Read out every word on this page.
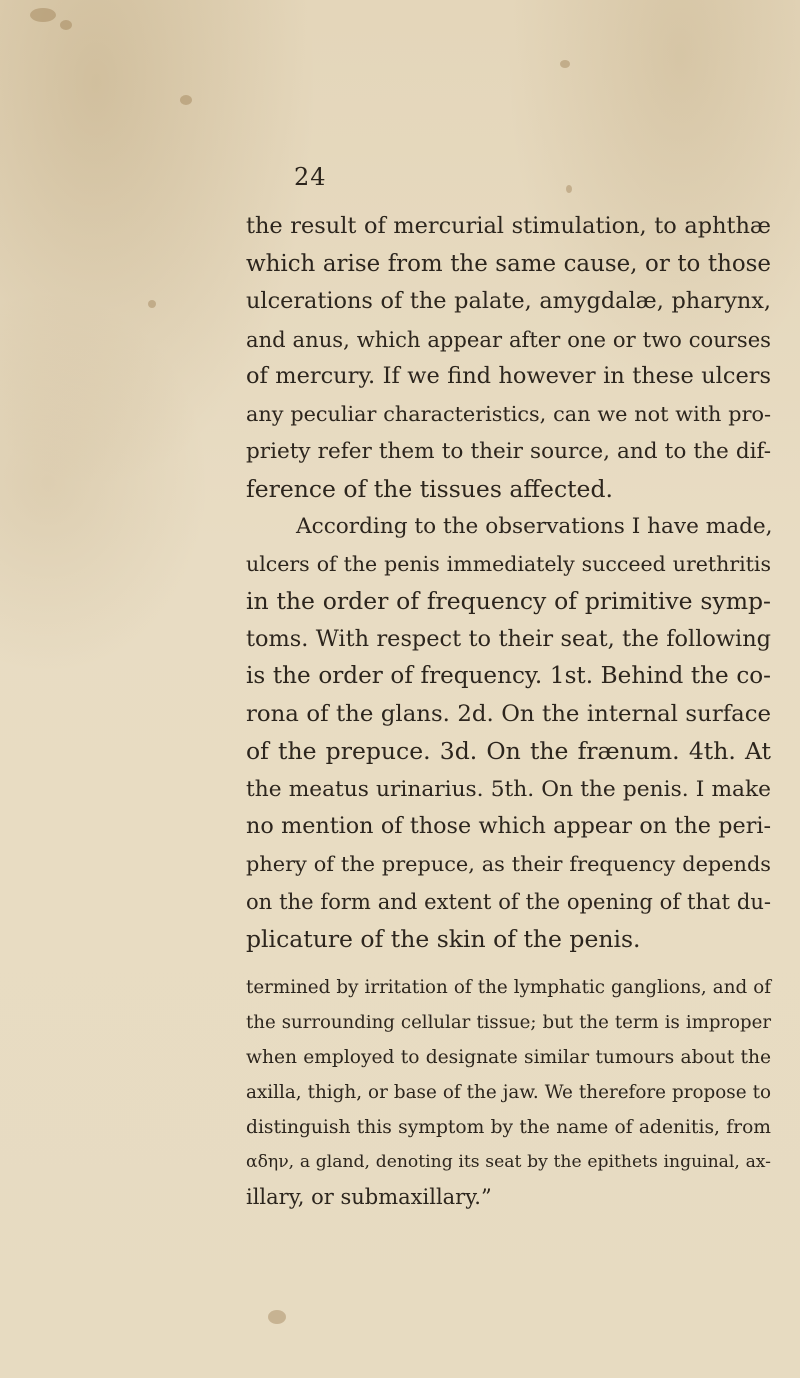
24
the result of mercurial stimulation, to aphthæ
which arise from the same cause, or to those
ulcerations of the palate, amygdalæ, pharynx,
and anus, which appear after one or two courses
of mercury. If we find however in these ulcers
any peculiar characteristics, can we not with pro-
priety refer them to their source, and to the dif-
ference of the tissues affected.
According to the observations I have made,
ulcers of the penis immediately succeed urethritis
in the order of frequency of primitive symp-
toms. With respect to their seat, the following
is the order of frequency. 1st. Behind the co-
rona of the glans. 2d. On the internal surface
of the prepuce. 3d. On the frænum. 4th. At
the meatus urinarius. 5th. On the penis. I make
no mention of those which appear on the peri-
phery of the prepuce, as their frequency depends
on the form and extent of the opening of that du-
plicature of the skin of the penis.
termined by irritation of the lymphatic ganglions, and of
the surrounding cellular tissue; but the term is improper
when employed to designate similar tumours about the
axilla, thigh, or base of the jaw. We therefore propose to
distinguish this symptom by the name of adenitis, from
αδην, a gland, denoting its seat by the epithets inguinal, ax-
illary, or submaxillary.”
